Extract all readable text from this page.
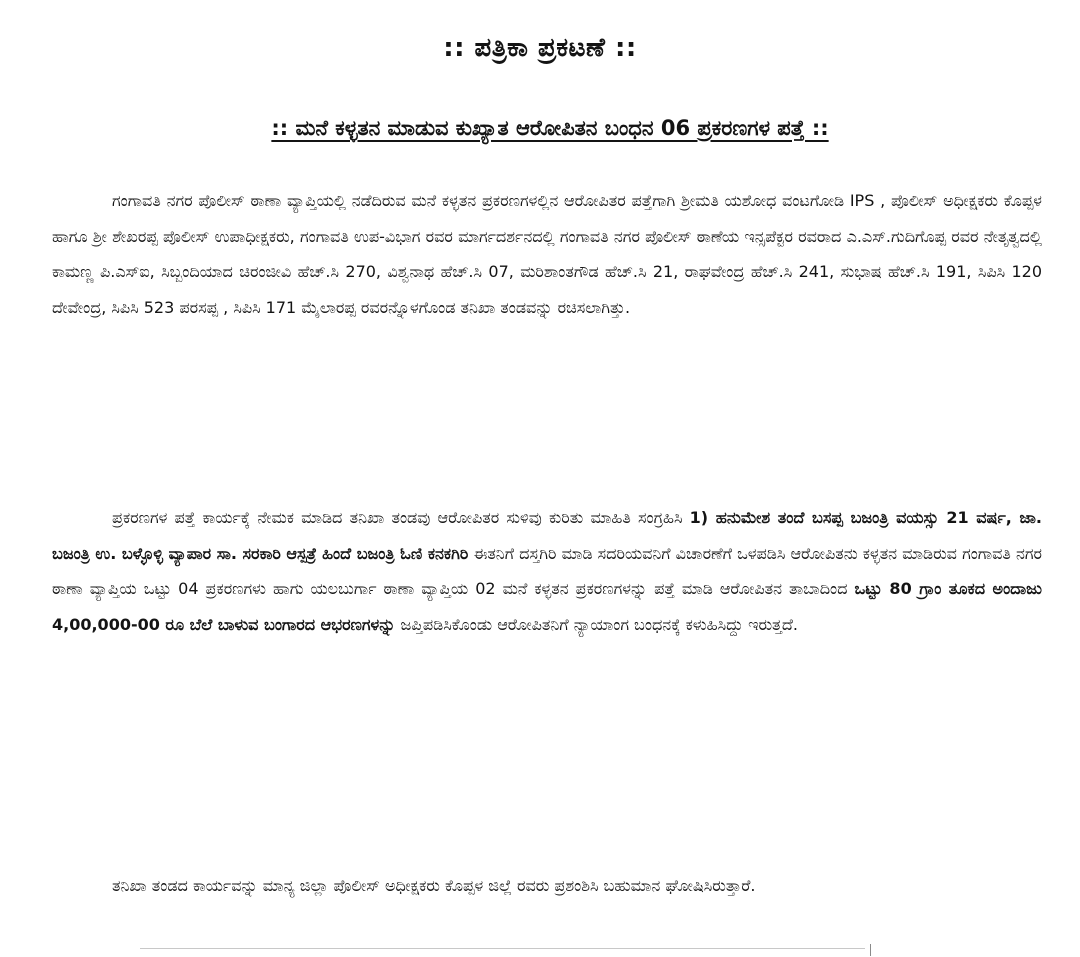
:: ಪತ್ರಿಕಾ ಪ್ರಕಟಣೆ ::
:: ಮನೆ ಕಳ್ಳತನ ಮಾಡುವ ಕುಖ್ಯಾತ ಆರೋಪಿತನ ಬಂಧನ 06 ಪ್ರಕರಣಗಳ ಪತ್ತೆ ::

ಗಂಗಾವತಿ ನಗರ ಪೊಲೀಸ್ ಠಾಣಾ ವ್ಯಾಪ್ತಿಯಲ್ಲಿ ನಡೆದಿರುವ ಮನೆ ಕಳ್ಳತನ ಪ್ರಕರಣಗಳಲ್ಲಿನ ಆರೋಪಿತರ ಪತ್ತೆಗಾಗಿ ಶ್ರೀಮತಿ ಯಶೋಧ ವಂಟಗೋಡಿ IPS , ಪೊಲೀಸ್ ಅಧೀಕ್ಷಕರು ಕೊಪ್ಪಳ ಹಾಗೂ ಶ್ರೀ ಶೇಖರಪ್ಪ ಪೊಲೀಸ್ ಉಪಾಧೀಕ್ಷಕರು, ಗಂಗಾವತಿ ಉಪ-ವಿಭಾಗ ರವರ ಮಾರ್ಗದರ್ಶನದಲ್ಲಿ ಗಂಗಾವತಿ ನಗರ ಪೊಲೀಸ್ ಠಾಣೆಯ ಇನ್ಸಪೆಕ್ಟರ ರವರಾದ ಎ.ಎಸ್.ಗುದಿಗೊಪ್ಪ ರವರ ನೇತೃತ್ವದಲ್ಲಿ ಕಾಮಣ್ಣ ಪಿ.ಎಸ್‌ಐ, ಸಿಬ್ಬಂದಿಯಾದ ಚಿರಂಜೀವಿ ಹೆಚ್.ಸಿ 270, ವಿಶ್ವನಾಥ ಹೆಚ್.ಸಿ 07, ಮರಿಶಾಂತಗೌಡ ಹೆಚ್.ಸಿ 21, ರಾಘವೇಂದ್ರ ಹೆಚ್.ಸಿ 241, ಸುಭಾಷ ಹೆಚ್.ಸಿ 191, ಸಿಪಿಸಿ 120 ದೇವೇಂದ್ರ, ಸಿಪಿಸಿ 523 ಪರಸಪ್ಪ , ಸಿಪಿಸಿ 171 ಮೈಲಾರಪ್ಪ ರವರನ್ನೊಳಗೊಂಡ ತನಿಖಾ ತಂಡವನ್ನು ರಚಿಸಲಾಗಿತ್ತು.

ಪ್ರಕರಣಗಳ ಪತ್ತೆ ಕಾರ್ಯಕ್ಕೆ ನೇಮಕ ಮಾಡಿದ ತನಿಖಾ ತಂಡವು ಆರೋಪಿತರ ಸುಳಿವು ಕುರಿತು ಮಾಹಿತಿ ಸಂಗ್ರಹಿಸಿ 1) ಹನುಮೇಶ ತಂದೆ ಬಸಪ್ಪ ಬಜಂತ್ರಿ ವಯಸ್ಸು 21 ವರ್ಷ, ಜಾ. ಬಜಂತ್ರಿ ಉ. ಬಳ್ಳೊಳ್ಳಿ ವ್ಯಾಪಾರ ಸಾ. ಸರಕಾರಿ ಆಸ್ಪತ್ರೆ ಹಿಂದೆ ಬಜಂತ್ರಿ ಓಣಿ ಕನಕಗಿರಿ ಈತನಿಗೆ ದಸ್ತಗಿರಿ ಮಾಡಿ ಸದರಿಯವನಿಗೆ ವಿಚಾರಣೆಗೆ ಒಳಪಡಿಸಿ ಆರೋಪಿತನು ಕಳ್ಳತನ ಮಾಡಿರುವ ಗಂಗಾವತಿ ನಗರ ಠಾಣಾ ವ್ಯಾಪ್ತಿಯ ಒಟ್ಟು 04 ಪ್ರಕರಣಗಳು ಹಾಗು ಯಲಬುರ್ಗಾ ಠಾಣಾ ವ್ಯಾಪ್ತಿಯ 02 ಮನೆ ಕಳ್ಳತನ ಪ್ರಕರಣಗಳನ್ನು ಪತ್ತೆ ಮಾಡಿ ಆರೋಪಿತನ ತಾಬಾದಿಂದ ಒಟ್ಟು 80 ಗ್ರಾಂ ತೂಕದ ಅಂದಾಜು 4,00,000-00 ರೂ ಬೆಲೆ ಬಾಳುವ ಬಂಗಾರದ ಆಭರಣಗಳನ್ನು ಜಪ್ತಿಪಡಿಸಿಕೊಂಡು ಆರೋಪಿತನಿಗೆ ನ್ಯಾಯಾಂಗ ಬಂಧನಕ್ಕೆ ಕಳುಹಿಸಿದ್ದು ಇರುತ್ತದೆ.

ತನಿಖಾ ತಂಡದ ಕಾರ್ಯವನ್ನು ಮಾನ್ಯ ಜಿಲ್ಲಾ ಪೊಲೀಸ್ ಅಧೀಕ್ಷಕರು ಕೊಪ್ಪಳ ಜಿಲ್ಲೆ ರವರು ಪ್ರಶಂಶಿಸಿ ಬಹುಮಾನ ಘೋಷಿಸಿರುತ್ತಾರೆ.
